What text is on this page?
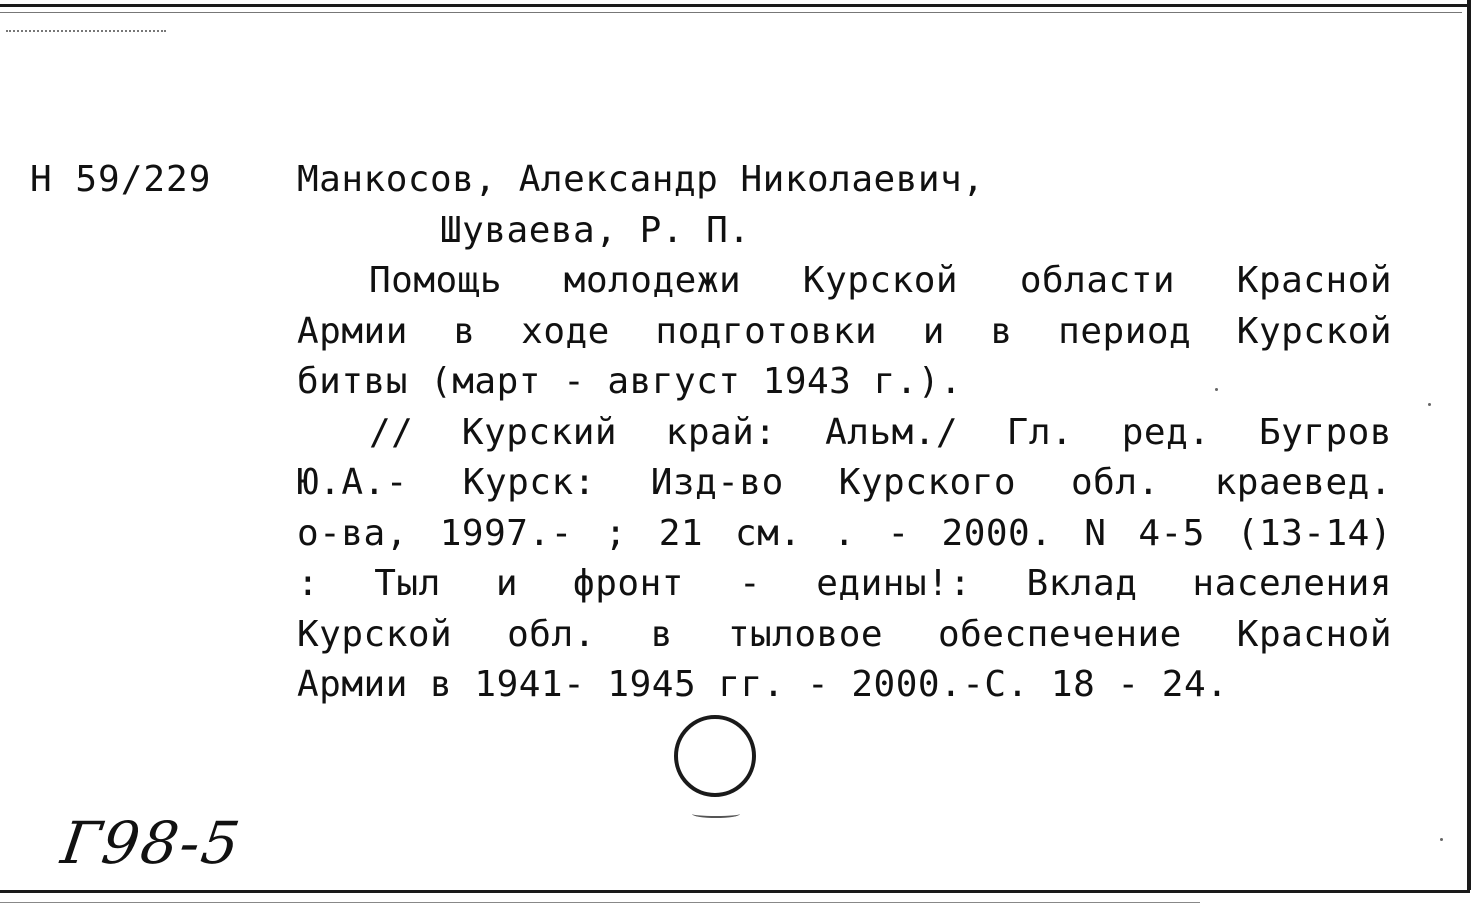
Н 59/229 Манкосов, Александр Николаевич,
Шуваева, Р. П.
Помощь молодежи Курской области Красной
Армии в ходе подготовки и в период Курской
битвы (март - август 1943 г.).
// Курский край: Альм./ Гл. ред. Бугров
Ю.А.- Курск: Изд-во Курского обл. краевед.
о-ва, 1997.- ; 21 см. . - 2000. N 4-5 (13-14)
: Тыл и фронт - едины!: Вклад населения
Курской обл. в тыловое обеспечение Красной
Армии в 1941- 1945 гг. - 2000.-С. 18 - 24.
Г98-5
